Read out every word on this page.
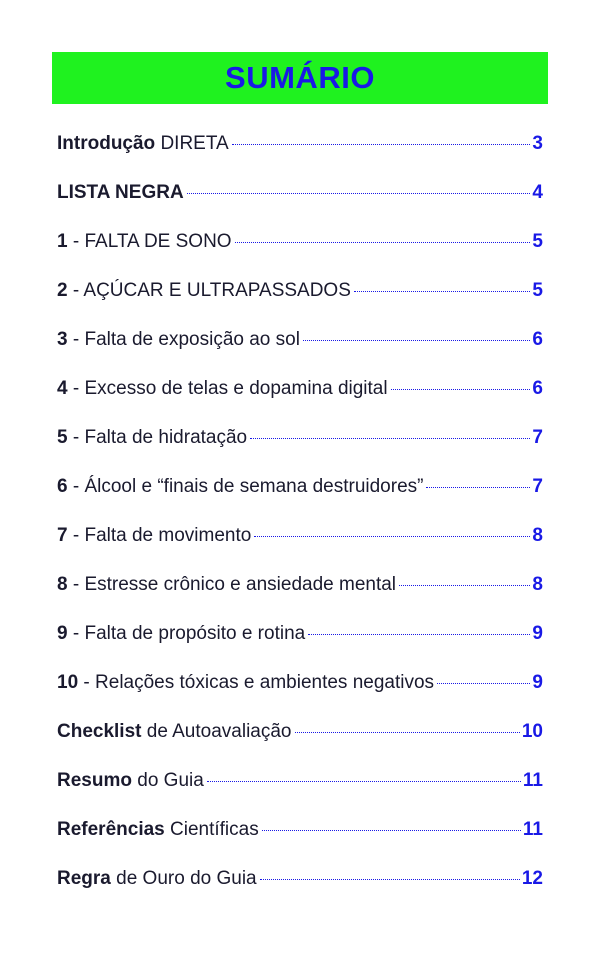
SUMÁRIO
Introdução DIRETA	3
LISTA NEGRA	4
1 - FALTA DE SONO	5
2 - AÇÚCAR E ULTRAPASSADOS	5
3 - Falta de exposição ao sol	6
4 - Excesso de telas e dopamina digital	6
5 - Falta de hidratação	7
6 - Álcool e “finais de semana destruidores”	7
7 - Falta de movimento	8
8 - Estresse crônico e ansiedade mental	8
9 - Falta de propósito e rotina	9
10 - Relações tóxicas e ambientes negativos	9
Checklist de Autoavaliação	10
Resumo do Guia	11
Referências Científicas	11
Regra de Ouro do Guia	12
